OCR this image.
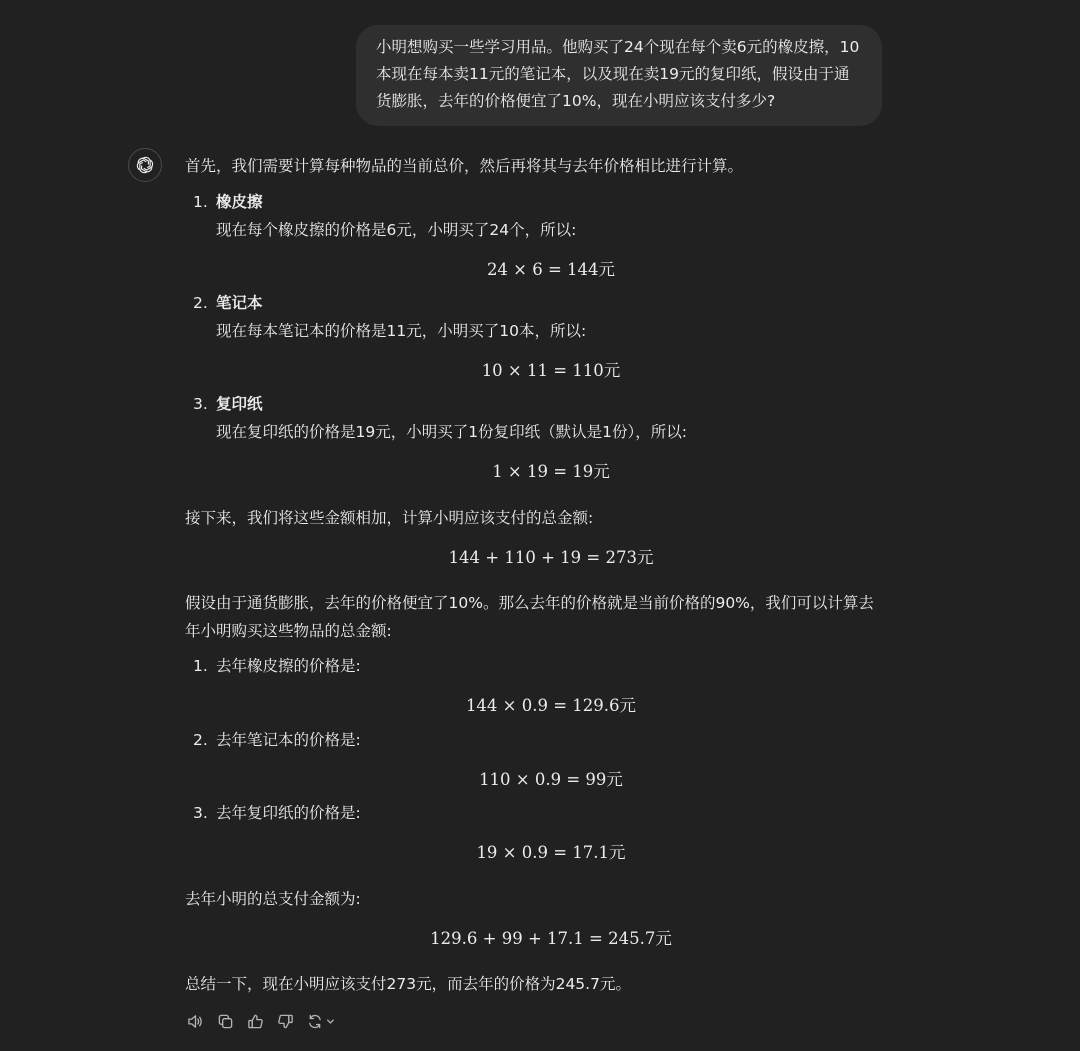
小明想购买一些学习用品。他购买了24个现在每个卖6元的橡皮擦，10
本现在每本卖11元的笔记本，以及现在卖19元的复印纸，假设由于通
货膨胀，去年的价格便宜了10%，现在小明应该支付多少?
首先，我们需要计算每种物品的当前总价，然后再将其与去年价格相比进行计算。
1. 橡皮擦
现在每个橡皮擦的价格是6元，小明买了24个，所以:
24 × 6 = 144元
2. 笔记本
现在每本笔记本的价格是11元，小明买了10本，所以:
10 × 11 = 110元
3. 复印纸
现在复印纸的价格是19元，小明买了1份复印纸（默认是1份），所以:
1 × 19 = 19元
接下来，我们将这些金额相加，计算小明应该支付的总金额:
144 + 110 + 19 = 273元
假设由于通货膨胀，去年的价格便宜了10%。那么去年的价格就是当前价格的90%，我们可以计算去
年小明购买这些物品的总金额:
1. 去年橡皮擦的价格是:
144 × 0.9 = 129.6元
2. 去年笔记本的价格是:
110 × 0.9 = 99元
3. 去年复印纸的价格是:
19 × 0.9 = 17.1元
去年小明的总支付金额为:
129.6 + 99 + 17.1 = 245.7元
总结一下，现在小明应该支付273元，而去年的价格为245.7元。
